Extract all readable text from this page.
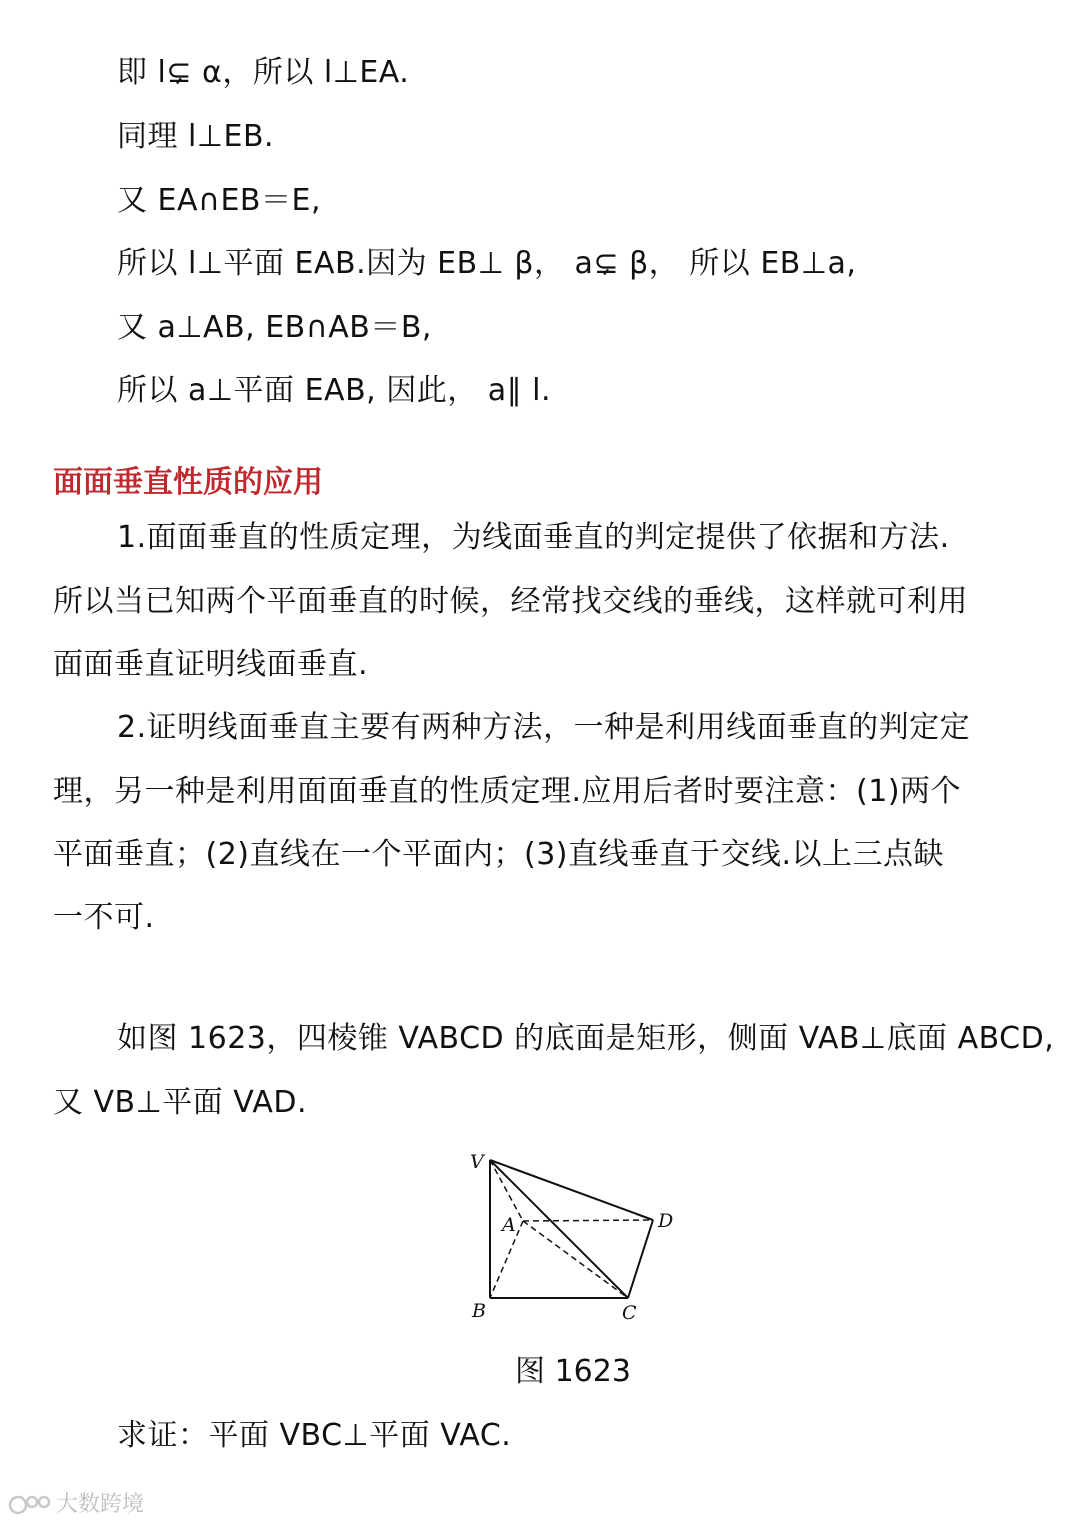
即 l⊊ α，所以 l⊥EA.
同理 l⊥EB.
又 EA∩EB＝E,
所以 l⊥平面 EAB.因为 EB⊥ β， a⊊ β， 所以 EB⊥a,
又 a⊥AB, EB∩AB＝B,
所以 a⊥平面 EAB, 因此， a∥ l.
面面垂直性质的应用
1.面面垂直的性质定理，为线面垂直的判定提供了依据和方法.
所以当已知两个平面垂直的时候，经常找交线的垂线，这样就可利用
面面垂直证明线面垂直.
2.证明线面垂直主要有两种方法，一种是利用线面垂直的判定定
理，另一种是利用面面垂直的性质定理.应用后者时要注意：(1)两个
平面垂直；(2)直线在一个平面内；(3)直线垂直于交线.以上三点缺
一不可.
如图 1623，四棱锥 VABCD 的底面是矩形，侧面 VAB⊥底面 ABCD,
又 VB⊥平面 VAD.
V
A	D
B	C
图 1623
求证：平面 VBC⊥平面 VAC.
大数跨境
